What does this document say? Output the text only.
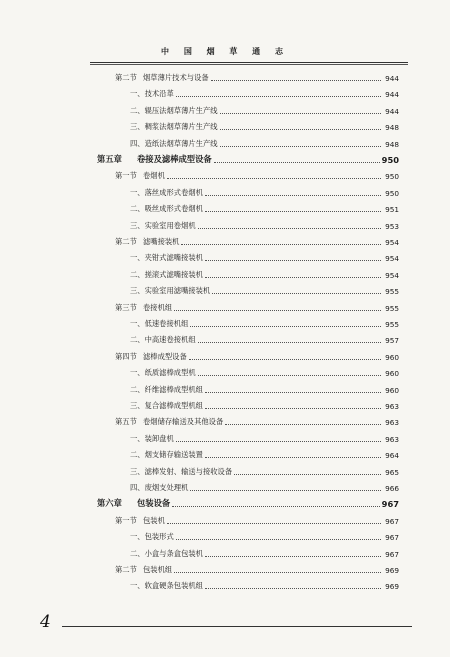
中 国 烟 草 通 志
第二节 烟草薄片技术与设备	944
一、技术沿革	944
二、辊压法烟草薄片生产线	944
三、稠浆法烟草薄片生产线	948
四、造纸法烟草薄片生产线	948
第五章	卷接及滤棒成型设备	950
第一节 卷烟机	950
一、落丝成形式卷烟机	950
二、吸丝成形式卷烟机	951
三、实验室用卷烟机	953
第二节 滤嘴接装机	954
一、夹钳式滤嘴接装机	954
二、搓滚式滤嘴接装机	954
三、实验室用滤嘴接装机	955
第三节 卷接机组	955
一、低速卷接机组	955
二、中高速卷接机组	957
第四节 滤棒成型设备	960
一、纸质滤棒成型机	960
二、纤维滤棒成型机组	960
三、复合滤棒成型机组	963
第五节 卷烟储存输送及其他设备	963
一、装卸盘机	963
二、烟支储存输送装置	964
三、滤棒发射、输送与接收设备	965
四、废烟支处理机	966
第六章	包装设备	967
第一节 包装机	967
一、包装形式	967
二、小盒与条盒包装机	967
第二节 包装机组	969
一、软盒硬条包装机组	969
4
